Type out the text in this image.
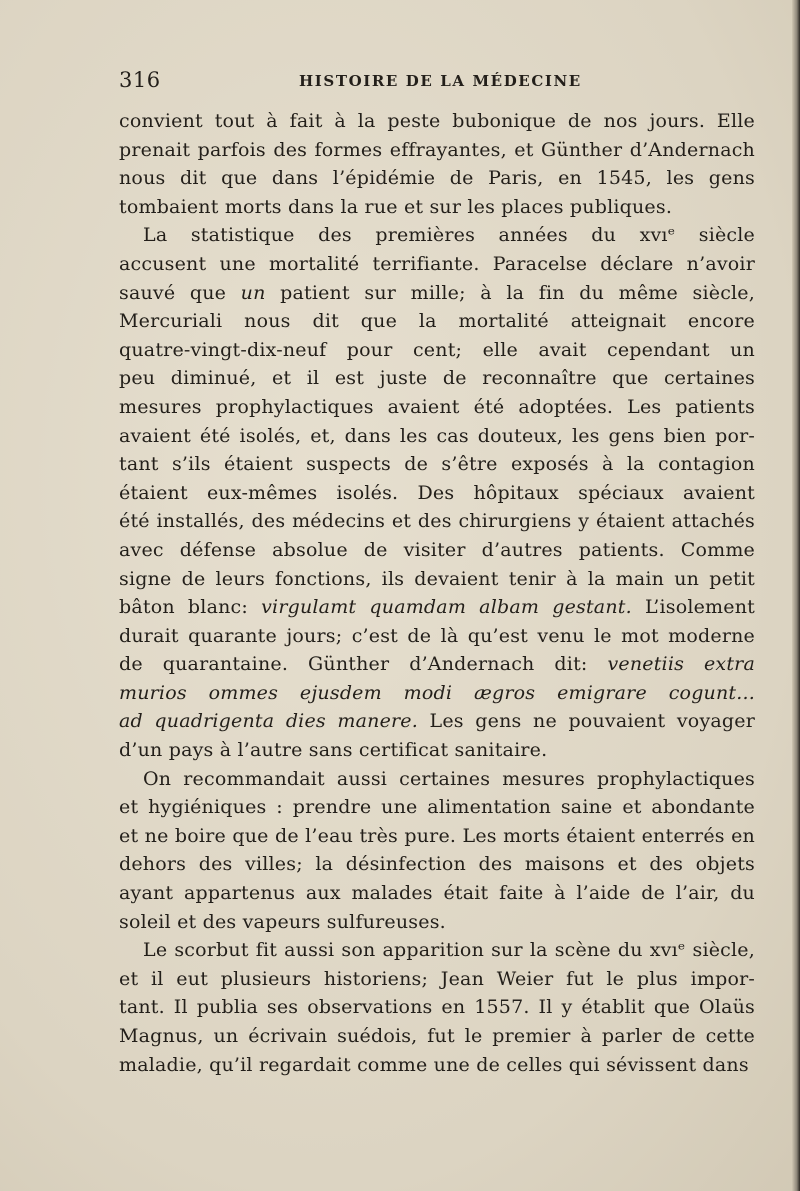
316	HISTOIRE DE LA MÉDECINE
convient tout à fait à la peste bubonique de nos jours. Elle
prenait parfois des formes effrayantes, et Günther d’Andernach
nous dit que dans l’épidémie de Paris, en 1545, les gens
tombaient morts dans la rue et sur les places publiques.
La statistique des premières années du xvıᵉ siècle
accusent une mortalité terrifiante. Paracelse déclare n’avoir
sauvé que un patient sur mille; à la fin du même siècle,
Mercuriali nous dit que la mortalité atteignait encore
quatre-vingt-dix-neuf pour cent; elle avait cependant un
peu diminué, et il est juste de reconnaître que certaines
mesures prophylactiques avaient été adoptées. Les patients
avaient été isolés, et, dans les cas douteux, les gens bien por-
tant s’ils étaient suspects de s’être exposés à la contagion
étaient eux-mêmes isolés. Des hôpitaux spéciaux avaient
été installés, des médecins et des chirurgiens y étaient attachés
avec défense absolue de visiter d’autres patients. Comme
signe de leurs fonctions, ils devaient tenir à la main un petit
bâton blanc: virgulamt quamdam albam gestant. L’isolement
durait quarante jours; c’est de là qu’est venu le mot moderne
de quarantaine. Günther d’Andernach dit: venetiis extra
murios ommes ejusdem modi ægros emigrare cogunt...
ad quadrigenta dies manere. Les gens ne pouvaient voyager
d’un pays à l’autre sans certificat sanitaire.
On recommandait aussi certaines mesures prophylactiques
et hygiéniques : prendre une alimentation saine et abondante
et ne boire que de l’eau très pure. Les morts étaient enterrés en
dehors des villes; la désinfection des maisons et des objets
ayant appartenus aux malades était faite à l’aide de l’air, du
soleil et des vapeurs sulfureuses.
Le scorbut fit aussi son apparition sur la scène du xvıᵉ siècle,
et il eut plusieurs historiens; Jean Weier fut le plus impor-
tant. Il publia ses observations en 1557. Il y établit que Olaüs
Magnus, un écrivain suédois, fut le premier à parler de cette
maladie, qu’il regardait comme une de celles qui sévissent dans
